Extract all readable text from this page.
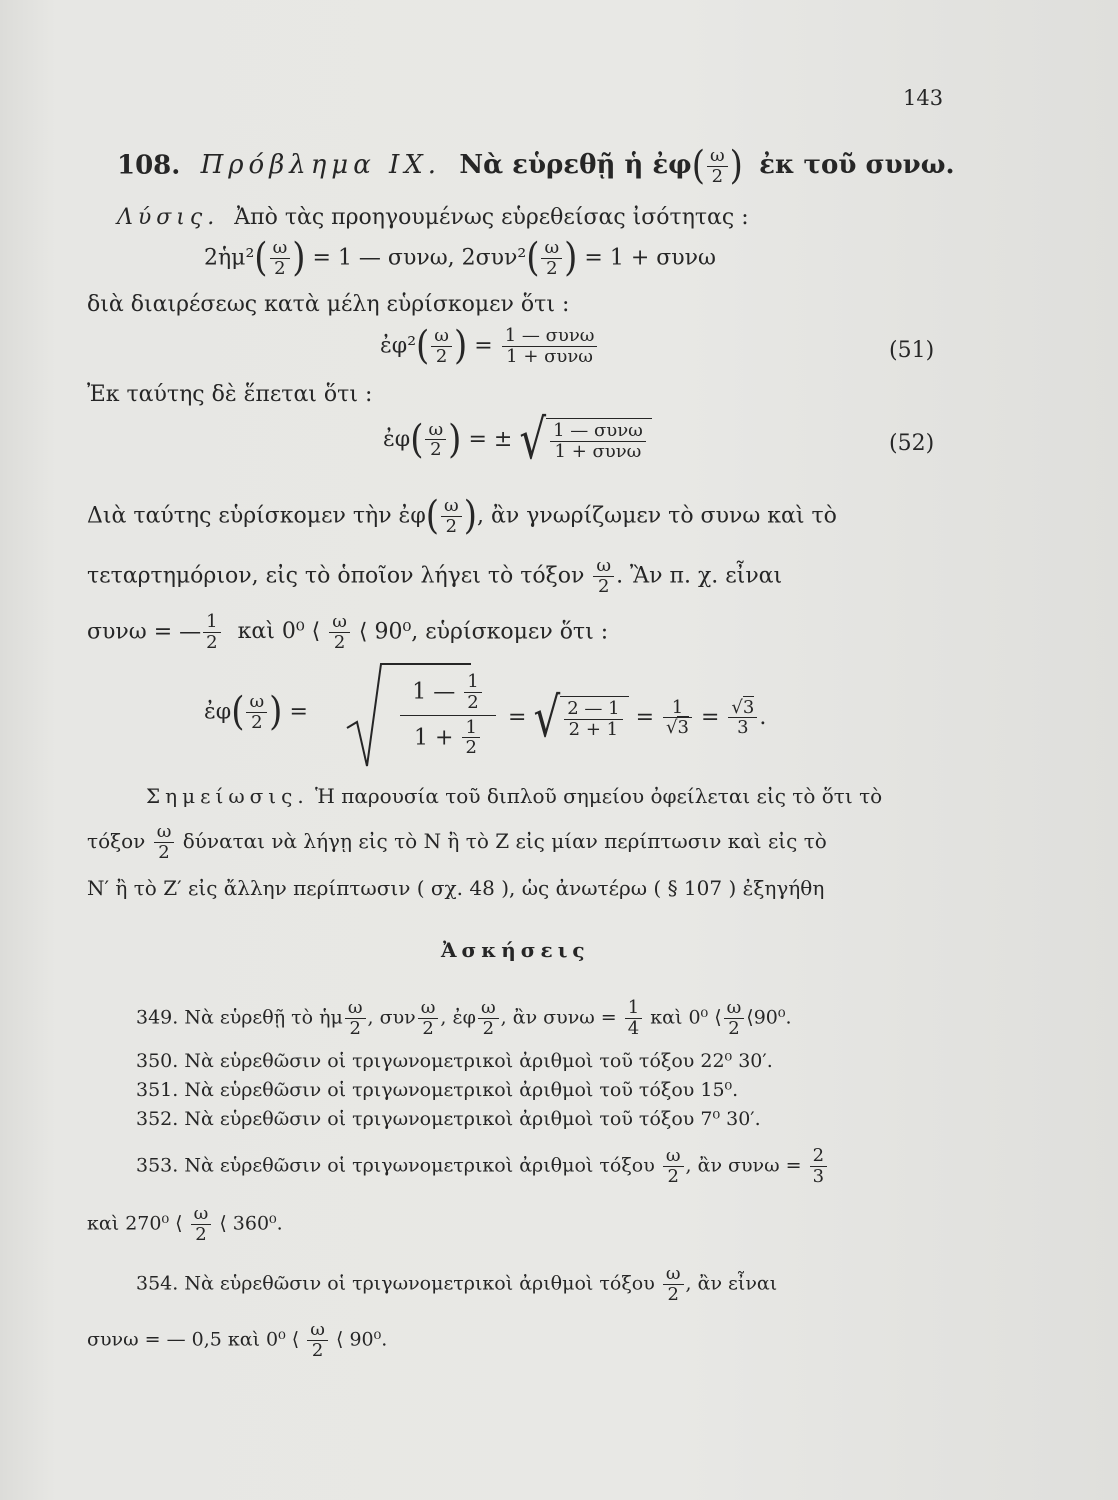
143
108. Πρόβλημα IX. Νὰ εὑρεθῇ ἡ ἐφ( $\frac{\omega}{2}$ ) ἐκ τοῦ συνω.
Λύσις. Ἀπὸ τὰς προηγουμένως εὑρεθείσας ἰσότητας :
2ἡμ²( $\frac{\omega}{2}$ ) = 1 — συνω, $2\sigma\upsilon\nu^2( \frac{\omega}{2}$ ) = 1 + συνω
διὰ διαιρέσεως κατὰ μέλη εὑρίσκομεν ὅτι :
ἐφ²( $\frac{\omega}{2}$ ) = $\frac{\text{1 — συνω}}{\text{1 + συνω}}$	(51)
Ἐκ ταύτης δὲ ἕπεται ὅτι :
ἐφ( $\frac{\omega}{2}$ ) = ± √ $\frac{\text{1 — συνω}}{\text{1 + συνω}}$	(52)
Διὰ ταύτης εὑρίσκομεν τὴν ἐφ( $\frac{\omega}{2}$ ), ἂν γνωρίζωμεν τὸ συνω καὶ τὸ
τεταρτημόριον, εἰς τὸ ὁποῖον λήγει τὸ τόξον $\frac{\omega}{2}$ . Ἂν π. χ. εἶναι
συνω = — $\frac{1}{2}$ καὶ 0⁰ ⟨ $\frac{\omega}{2}$ ⟨ 90⁰, εὑρίσκομεν ὅτι :
ἐφ( $\frac{\omega}{2}$ ) =
1 — $\frac{1}{2}$
$1 + \frac{1}{2}$
= √ $\frac{2 — 1}{2 + 1} = \frac{1}{√3} = \frac{√3}{3}$ .
Σημείωσις. Ἡ παρουσία τοῦ διπλοῦ σημείου ὀφείλεται εἰς τὸ ὅτι τὸ
τόξον $\frac{\omega}{2}$ δύναται νὰ λήγῃ εἰς τὸ Ν ἢ τὸ Ζ εἰς μίαν περίπτωσιν καὶ εἰς τὸ
Ν′ ἢ τὸ Ζ′ εἰς ἄλλην περίπτωσιν ( σχ. 48 ), ὡς ἀνωτέρω ( § 107 ) ἐξηγήθη
Ἀσκήσεις
349. Νὰ εὑρεθῇ τὸ ἡμ $\frac{\omega}{2}$ , συν $\frac{\omega}{2}$ , ἐφ $\frac{\omega}{2}$ , ἂν $\sigma\upsilon\nu\omega = \frac{1}{4}$ καὶ 0⁰ ⟨ $\frac{\omega}{2}$ ⟨90⁰.
350. Νὰ εὑρεθῶσιν οἱ τριγωνομετρικοὶ ἀριθμοὶ τοῦ τόξου 22⁰ 30′.
351. Νὰ εὑρεθῶσιν οἱ τριγωνομετρικοὶ ἀριθμοὶ τοῦ τόξου 15⁰.
352. Νὰ εὑρεθῶσιν οἱ τριγωνομετρικοὶ ἀριθμοὶ τοῦ τόξου 7⁰ 30′.
353. Νὰ εὑρεθῶσιν οἱ τριγωνομετρικοὶ ἀριθμοὶ τόξου $\frac{\omega}{2}$ , ἂν $\sigma\upsilon\nu\omega = \frac{2}{3}$
καὶ 270⁰ ⟨ $\frac{\omega}{2}$ ⟨ 360⁰.
354. Νὰ εὑρεθῶσιν οἱ τριγωνομετρικοὶ ἀριθμοὶ τόξου $\frac{\omega}{2}$ , ἂν εἶναι
συνω = — 0,5 καὶ 0⁰ ⟨ $\frac{\omega}{2}$ ⟨ 90⁰.
